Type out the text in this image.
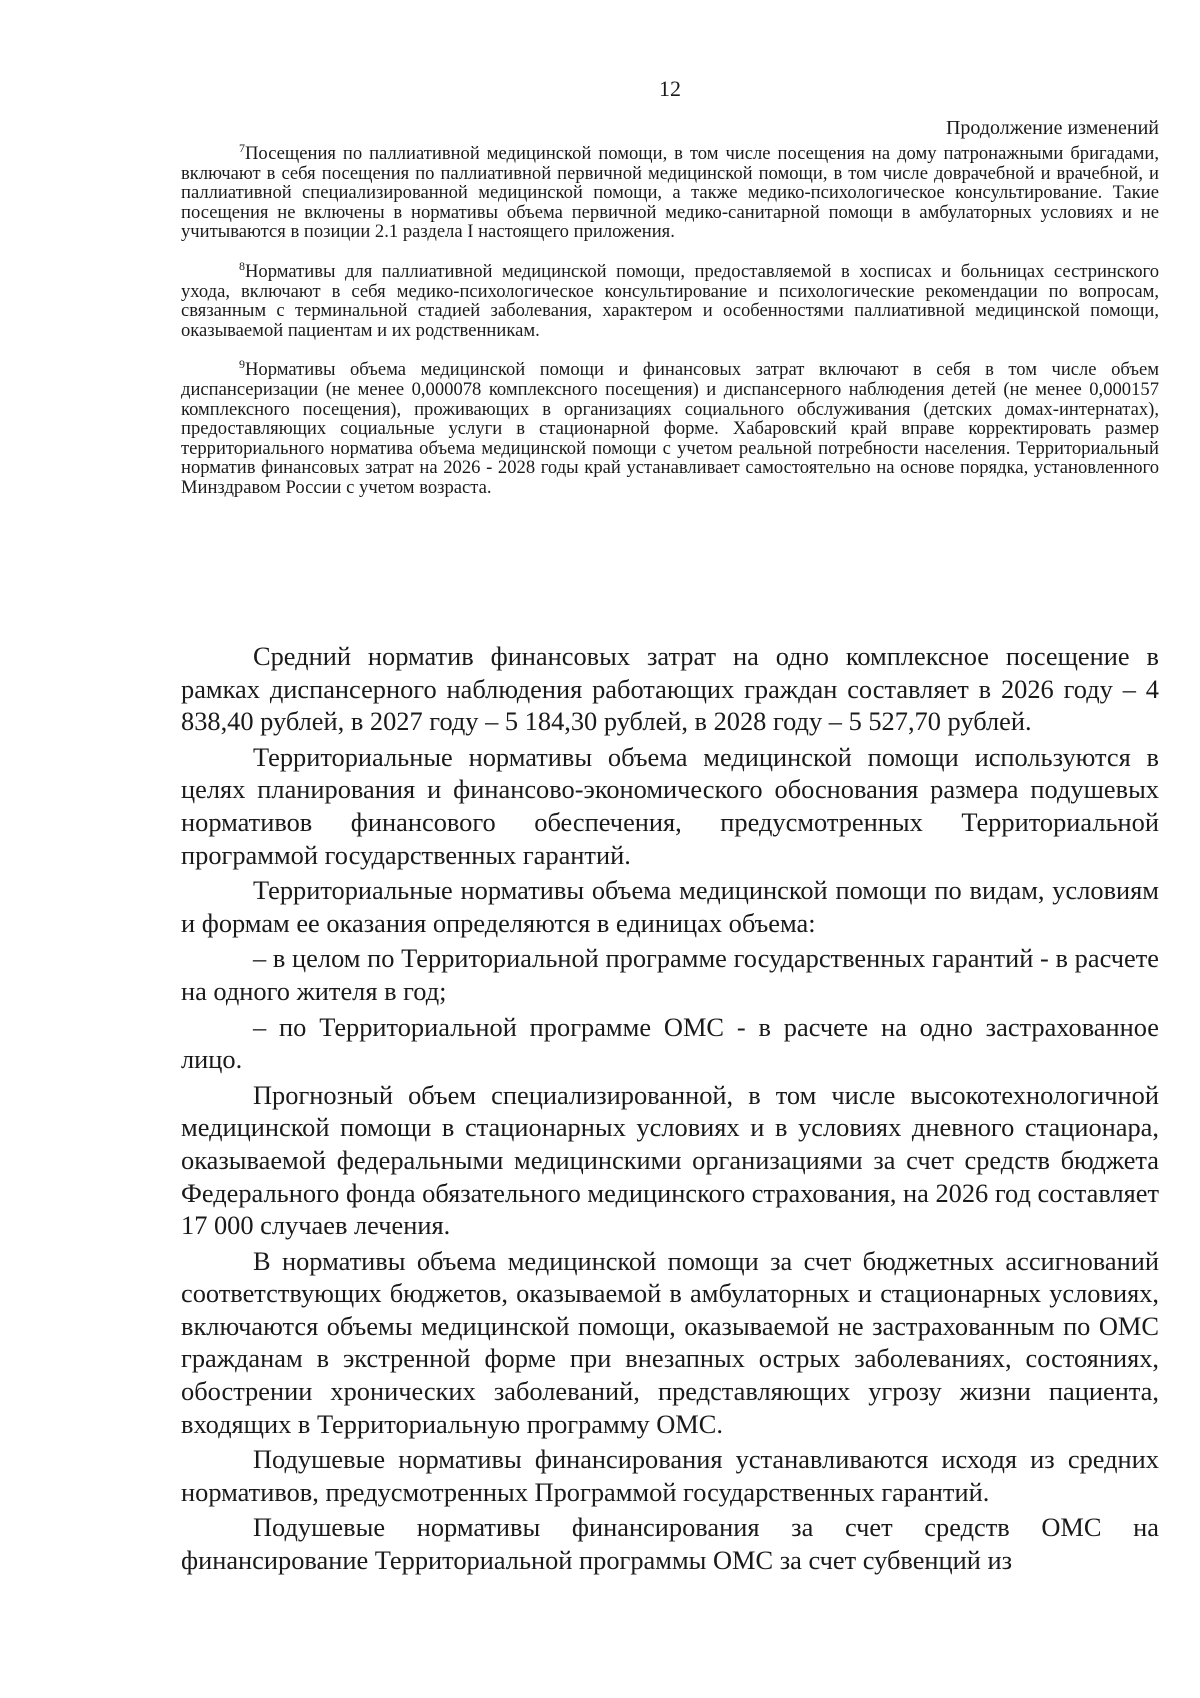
12
Продолжение изменений

$^7$Посещения по паллиативной медицинской помощи, в том числе посещения на дому патронажными бригадами, включают в себя посещения по паллиативной первичной медицинской помощи, в том числе доврачебной и врачебной, и паллиативной специализированной медицинской помощи, а также медико-психологическое консультирование. Такие посещения не включены в нормативы объема первичной медико-санитарной помощи в амбулаторных условиях и не учитываются в позиции 2.1 раздела I настоящего приложения.

$^8$Нормативы для паллиативной медицинской помощи, предоставляемой в хосписах и больницах сестринского ухода, включают в себя медико-психологическое консультирование и психологические рекомендации по вопросам, связанным с терминальной стадией заболевания, характером и особенностями паллиативной медицинской помощи, оказываемой пациентам и их родственникам.

$^9$Нормативы объема медицинской помощи и финансовых затрат включают в себя в том числе объем диспансеризации (не менее 0,000078 комплексного посещения) и диспансерного наблюдения детей (не менее 0,000157 комплексного посещения), проживающих в организациях социального обслуживания (детских домах-интернатах), предоставляющих социальные услуги в стационарной форме. Хабаровский край вправе корректировать размер территориального норматива объема медицинской помощи с учетом реальной потребности населения. Территориальный норматив финансовых затрат на 2026 - 2028 годы край устанавливает самостоятельно на основе порядка, установленного Минздравом России с учетом возраста.

Средний норматив финансовых затрат на одно комплексное посещение в рамках диспансерного наблюдения работающих граждан составляет в 2026 году – 4 838,40 рублей, в 2027 году – 5 184,30 рублей, в 2028 году – 5 527,70 рублей.

Территориальные нормативы объема медицинской помощи используются в целях планирования и финансово-экономического обоснования размера подушевых нормативов финансового обеспечения, предусмотренных Территориальной программой государственных гарантий.

Территориальные нормативы объема медицинской помощи по видам, условиям и формам ее оказания определяются в единицах объема:

– в целом по Территориальной программе государственных гарантий - в расчете на одного жителя в год;

– по Территориальной программе ОМС - в расчете на одно застрахованное лицо.

Прогнозный объем специализированной, в том числе высокотехнологичной медицинской помощи в стационарных условиях и в условиях дневного стационара, оказываемой федеральными медицинскими организациями за счет средств бюджета Федерального фонда обязательного медицинского страхования, на 2026 год составляет 17 000 случаев лечения.

В нормативы объема медицинской помощи за счет бюджетных ассигнований соответствующих бюджетов, оказываемой в амбулаторных и стационарных условиях, включаются объемы медицинской помощи, оказываемой не застрахованным по ОМС гражданам в экстренной форме при внезапных острых заболеваниях, состояниях, обострении хронических заболеваний, представляющих угрозу жизни пациента, входящих в Территориальную программу ОМС.

Подушевые нормативы финансирования устанавливаются исходя из средних нормативов, предусмотренных Программой государственных гарантий.

Подушевые нормативы финансирования за счет средств ОМС на финансирование Территориальной программы ОМС за счет субвенций из
